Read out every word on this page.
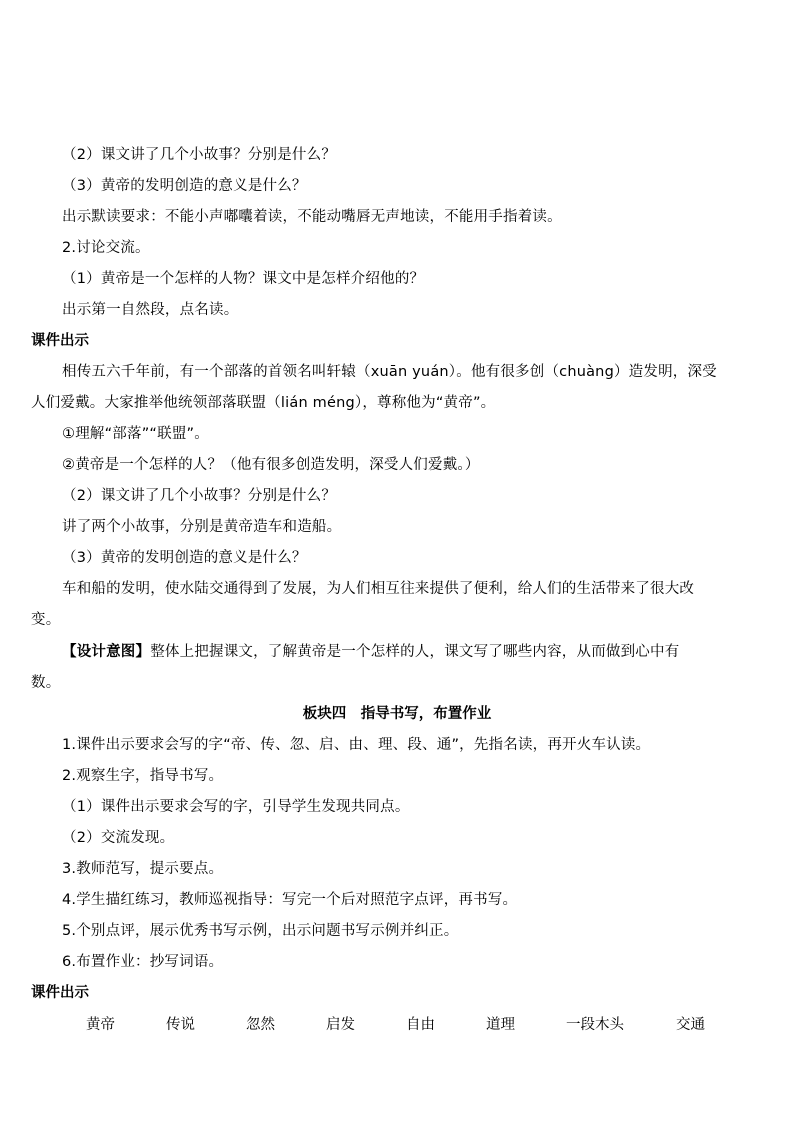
（2）课文讲了几个小故事？分别是什么？
（3）黄帝的发明创造的意义是什么？
出示默读要求：不能小声嘟囔着读，不能动嘴唇无声地读，不能用手指着读。
2.讨论交流。
（1）黄帝是一个怎样的人物？课文中是怎样介绍他的？
出示第一自然段，点名读。
课件出示
相传五六千年前，有一个部落的首领名叫轩辕（xuān yuán）。他有很多创（chuàng）造发明，深受
人们爱戴。大家推举他统领部落联盟（lián méng），尊称他为“黄帝”。
①理解“部落”“联盟”。
②黄帝是一个怎样的人？（他有很多创造发明，深受人们爱戴。）
（2）课文讲了几个小故事？分别是什么？
讲了两个小故事，分别是黄帝造车和造船。
（3）黄帝的发明创造的意义是什么？
车和船的发明，使水陆交通得到了发展，为人们相互往来提供了便利，给人们的生活带来了很大改
变。
【设计意图】整体上把握课文，了解黄帝是一个怎样的人，课文写了哪些内容，从而做到心中有
数。
板块四　指导书写，布置作业
1.课件出示要求会写的字“帝、传、忽、启、由、理、段、通”，先指名读，再开火车认读。
2.观察生字，指导书写。
（1）课件出示要求会写的字，引导学生发现共同点。
（2）交流发现。
3.教师范写，提示要点。
4.学生描红练习，教师巡视指导：写完一个后对照范字点评，再书写。
5.个别点评，展示优秀书写示例，出示问题书写示例并纠正。
6.布置作业：抄写词语。
课件出示
黄帝	传说	忽然	启发	自由	道理	一段木头	交通
